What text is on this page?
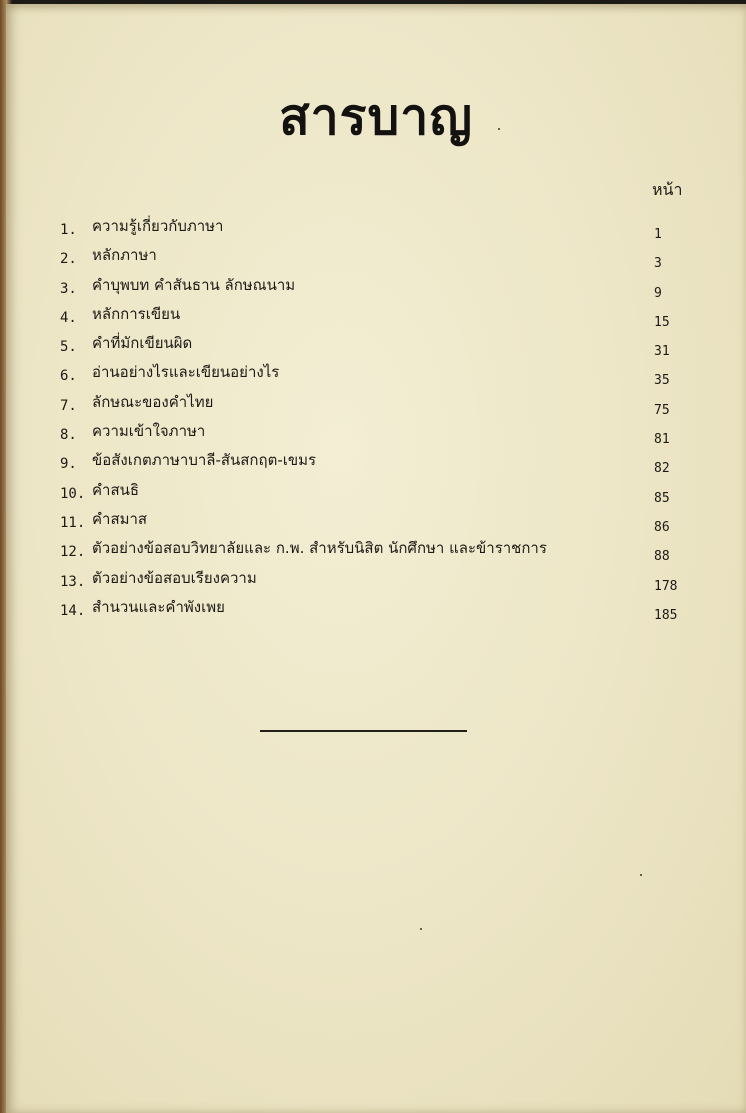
สารบาญ
หน้า
1.	ความรู้เกี่ยวกับภาษา	1
2.	หลักภาษา	3
3.	คำบุพบท คำสันธาน ลักษณนาม	9
4.	หลักการเขียน	15
5.	คำที่มักเขียนผิด	31
6.	อ่านอย่างไรและเขียนอย่างไร	35
7.	ลักษณะของคำไทย	75
8.	ความเข้าใจภาษา	81
9.	ข้อสังเกตภาษาบาลี-สันสกฤต-เขมร	82
10. คำสนธิ	85
11. คำสมาส	86
12. ตัวอย่างข้อสอบวิทยาลัยและ ก.พ. สำหรับนิสิต นักศึกษา และข้าราชการ	88
13. ตัวอย่างข้อสอบเรียงความ	178
14. สำนวนและคำพังเพย	185
